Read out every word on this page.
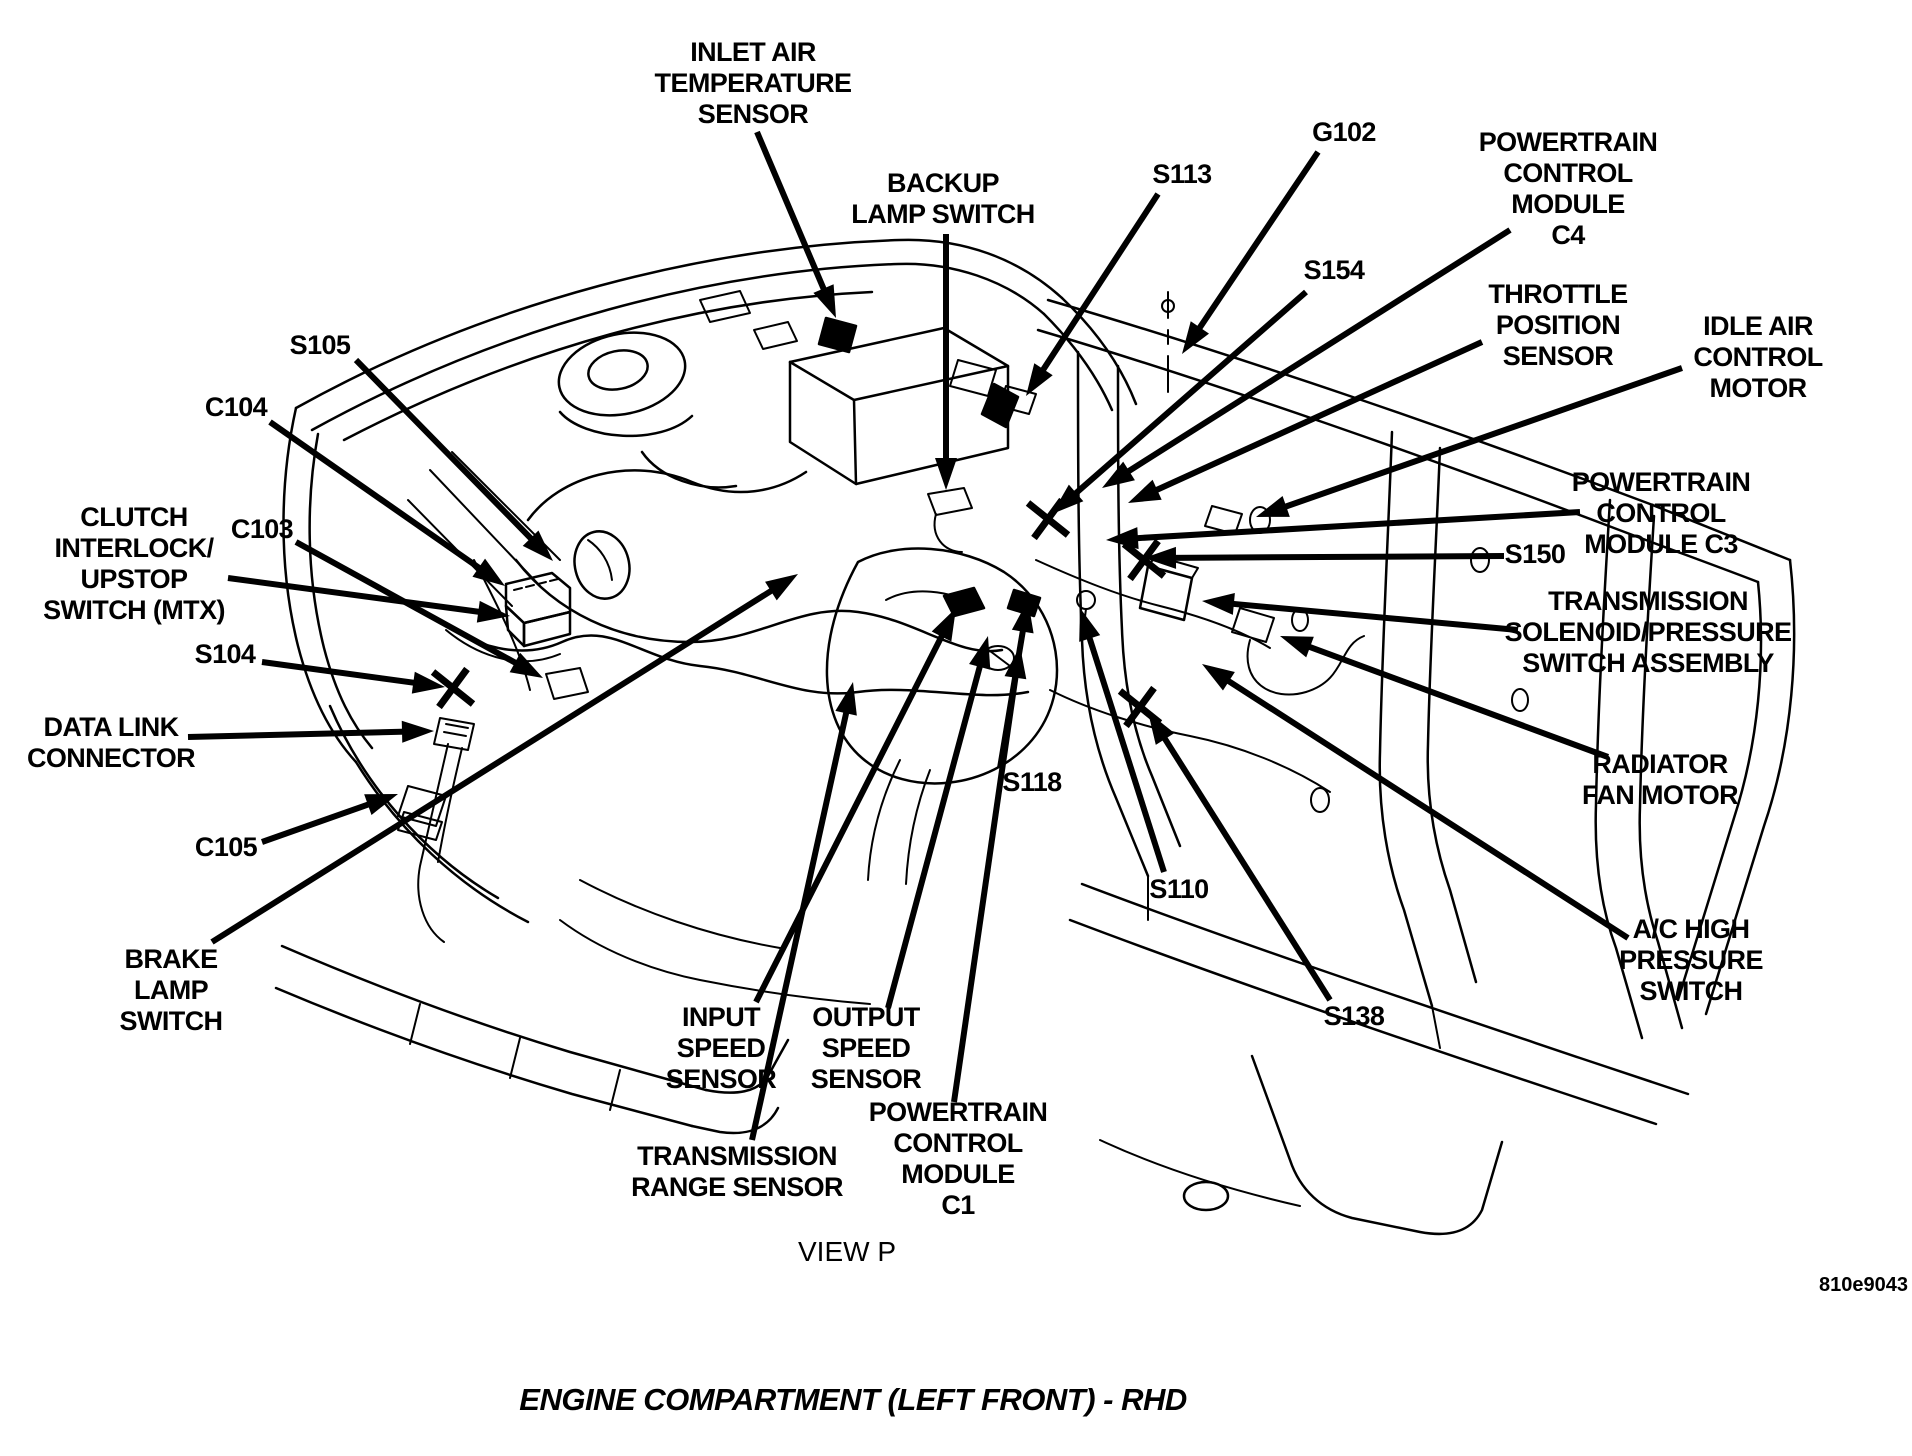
INLET AIR
TEMPERATURE
SENSOR
BACKUP
LAMP SWITCH
S113
G102	POWERTRAIN
CONTROL
MODULE
C4
S154
THROTTLE
POSITION
SENSOR
IDLE AIR
CONTROL
MOTOR
S105
C104
CLUTCH
INTERLOCK/
UPSTOP
SWITCH (MTX)
C103
S104
DATA LINK
CONNECTOR
C105
BRAKE
LAMP
SWITCH
POWERTRAIN
CONTROL
MODULE C3
S150
TRANSMISSION
SOLENOID/PRESSURE
SWITCH ASSEMBLY
RADIATOR
FAN MOTOR
A/C HIGH
PRESSURE
SWITCH
S118
S110
S138
INPUT
SPEED
SENSOR
OUTPUT
SPEED
SENSOR
TRANSMISSION
RANGE SENSOR
POWERTRAIN
CONTROL
MODULE
C1
VIEW P
810e9043
ENGINE COMPARTMENT (LEFT FRONT) - RHD
